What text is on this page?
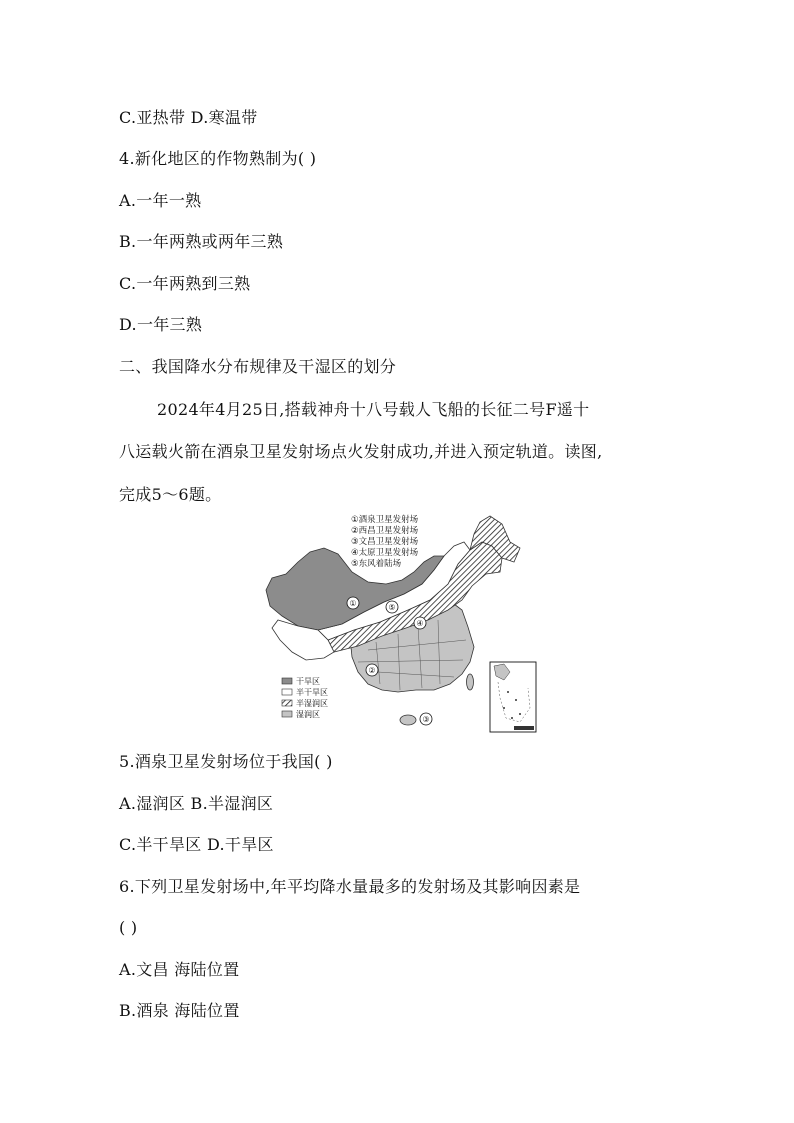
C.亚热带 D.寒温带
4.新化地区的作物熟制为( )
A.一年一熟
B.一年两熟或两年三熟
C.一年两熟到三熟
D.一年三熟
二、我国降水分布规律及干湿区的划分
2024年4月25日,搭载神舟十八号载人飞船的长征二号F遥十
八运载火箭在酒泉卫星发射场点火发射成功,并进入预定轨道。读图,
完成5～6题。
①
②
③
④
⑤
①酒泉卫星发射场
②西昌卫星发射场
③文昌卫星发射场
④太原卫星发射场
⑤东风着陆场
干旱区
半干旱区
半湿润区
湿润区
5.酒泉卫星发射场位于我国( )
A.湿润区 B.半湿润区
C.半干旱区 D.干旱区
6.下列卫星发射场中,年平均降水量最多的发射场及其影响因素是
( )
A.文昌 海陆位置
B.酒泉 海陆位置
